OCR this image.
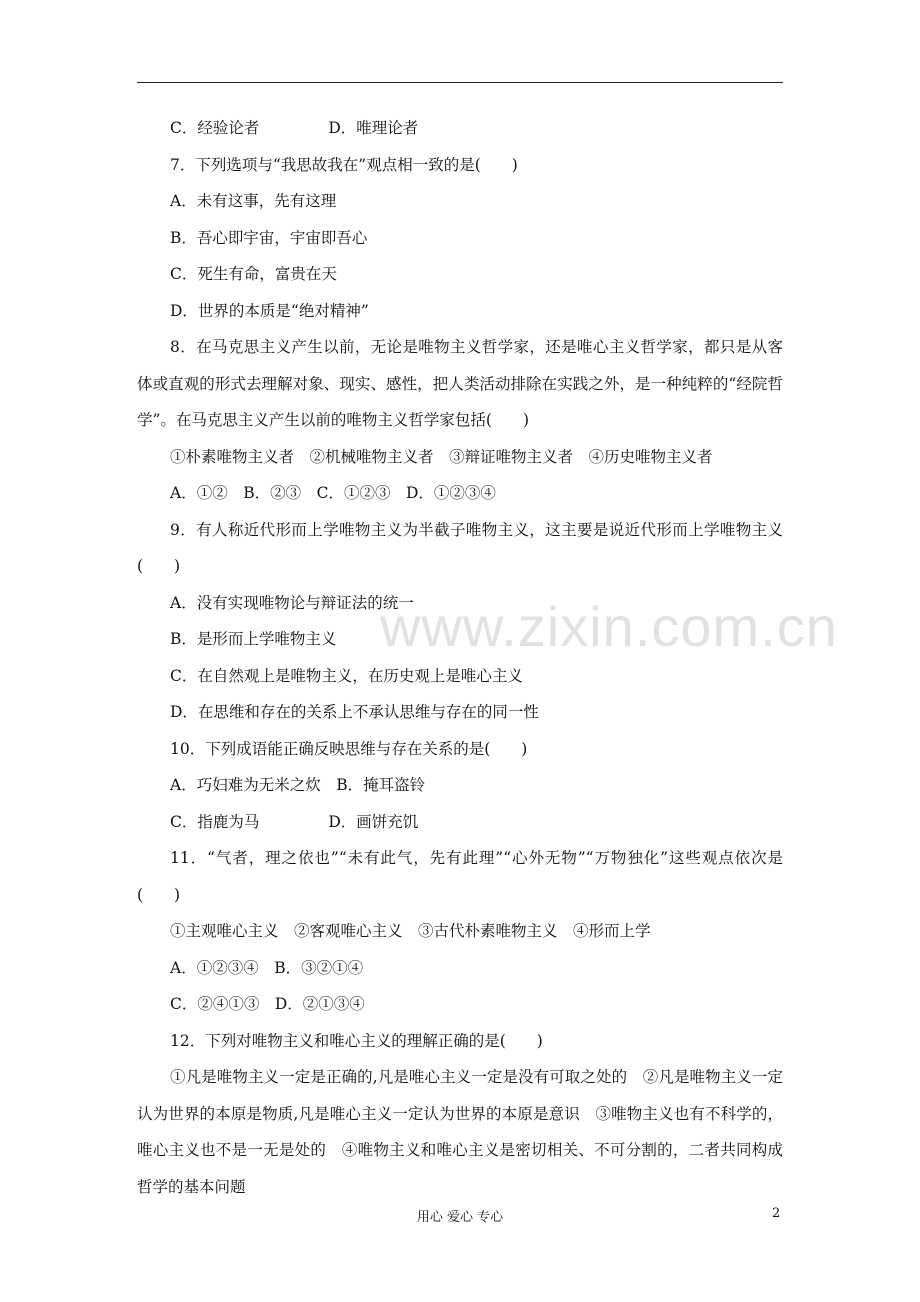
C．经验论者              D．唯理论者
7．下列选项与“我思故我在”观点相一致的是(　　)
A．未有这事，先有这理
B．吾心即宇宙，宇宙即吾心
C．死生有命，富贵在天
D．世界的本质是“绝对精神”

8．在马克思主义产生以前，无论是唯物主义哲学家，还是唯心主义哲学家，都只是从客体或直观的形式去理解对象、现实、感性，把人类活动排除在实践之外，是一种纯粹的“经院哲学”。在马克思主义产生以前的唯物主义哲学家包括(　　)

①朴素唯物主义者　②机械唯物主义者　③辩证唯物主义者　④历史唯物主义者
A．①②　B．②③　C．①②③　D．①②③④

9．有人称近代形而上学唯物主义为半截子唯物主义，这主要是说近代形而上学唯物主义(　　)

A．没有实现唯物论与辩证法的统一
B．是形而上学唯物主义
C．在自然观上是唯物主义，在历史观上是唯心主义
D．在思维和存在的关系上不承认思维与存在的同一性
10．下列成语能正确反映思维与存在关系的是(　　)
A．巧妇难为无米之炊　B．掩耳盗铃
C．指鹿为马              D．画饼充饥

11．“气者，理之依也”“未有此气，先有此理”“心外无物”“万物独化”这些观点依次是(　　)

①主观唯心主义　②客观唯心主义　③古代朴素唯物主义　④形而上学
A．①②③④　B．③②①④
C．②④①③　D．②①③④
12．下列对唯物主义和唯心主义的理解正确的是(　　)

①凡是唯物主义一定是正确的,凡是唯心主义一定是没有可取之处的　②凡是唯物主义一定认为世界的本原是物质,凡是唯心主义一定认为世界的本原是意识　③唯物主义也有不科学的，唯心主义也不是一无是处的　④唯物主义和唯心主义是密切相关、不可分割的，二者共同构成哲学的基本问题

www.zixin.com.cn
用心 爱心 专心	2
